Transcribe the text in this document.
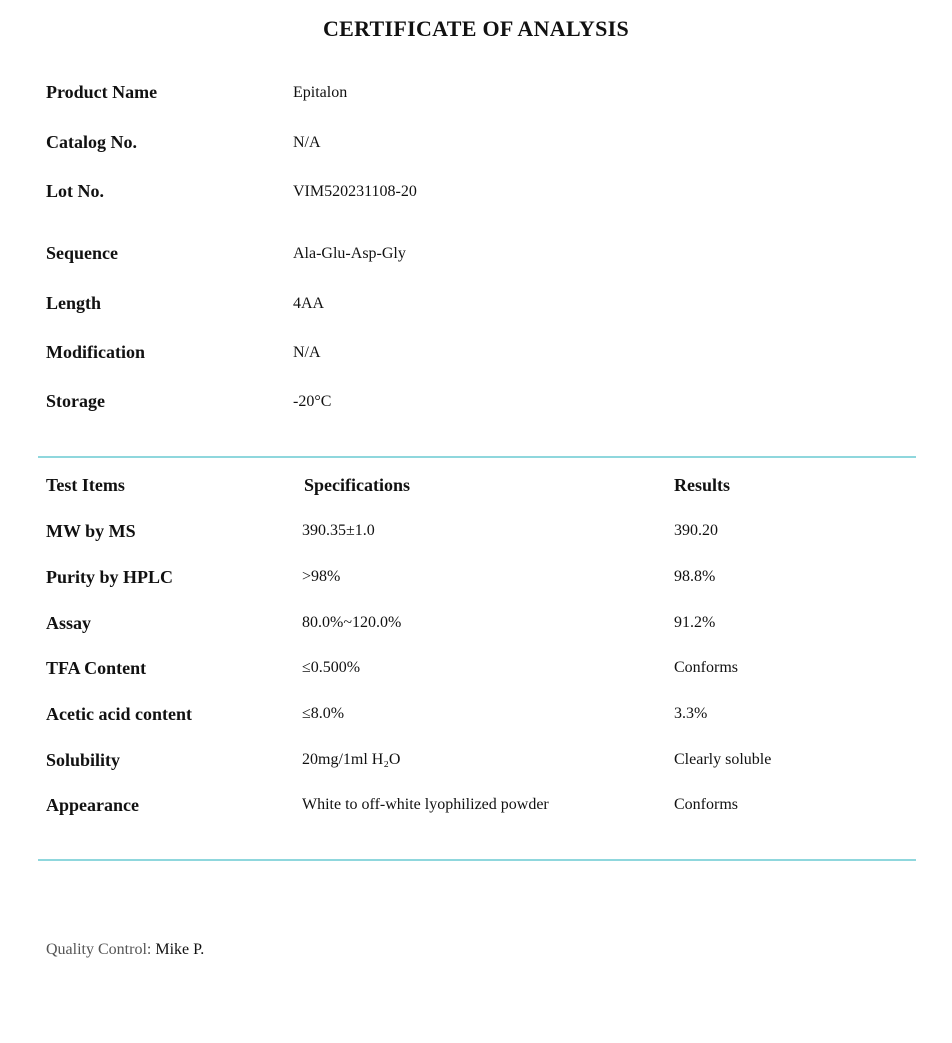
CERTIFICATE OF ANALYSIS
Product Name	Epitalon
Catalog No.	N/A
Lot No.	VIM520231108-20
Sequence	Ala-Glu-Asp-Gly
Length	4AA
Modification	N/A
Storage	-20°C
Test Items	Specifications	Results
MW by MS	390.35±1.0	390.20
Purity by HPLC	>98%	98.8%
Assay	80.0%~120.0%	91.2%
TFA Content	≤0.500%	Conforms
Acetic acid content	≤8.0%	3.3%
Solubility	20mg/1ml H₂O	Clearly soluble
Appearance	White to off-white lyophilized powder	Conforms
Quality Control: Mike P.
